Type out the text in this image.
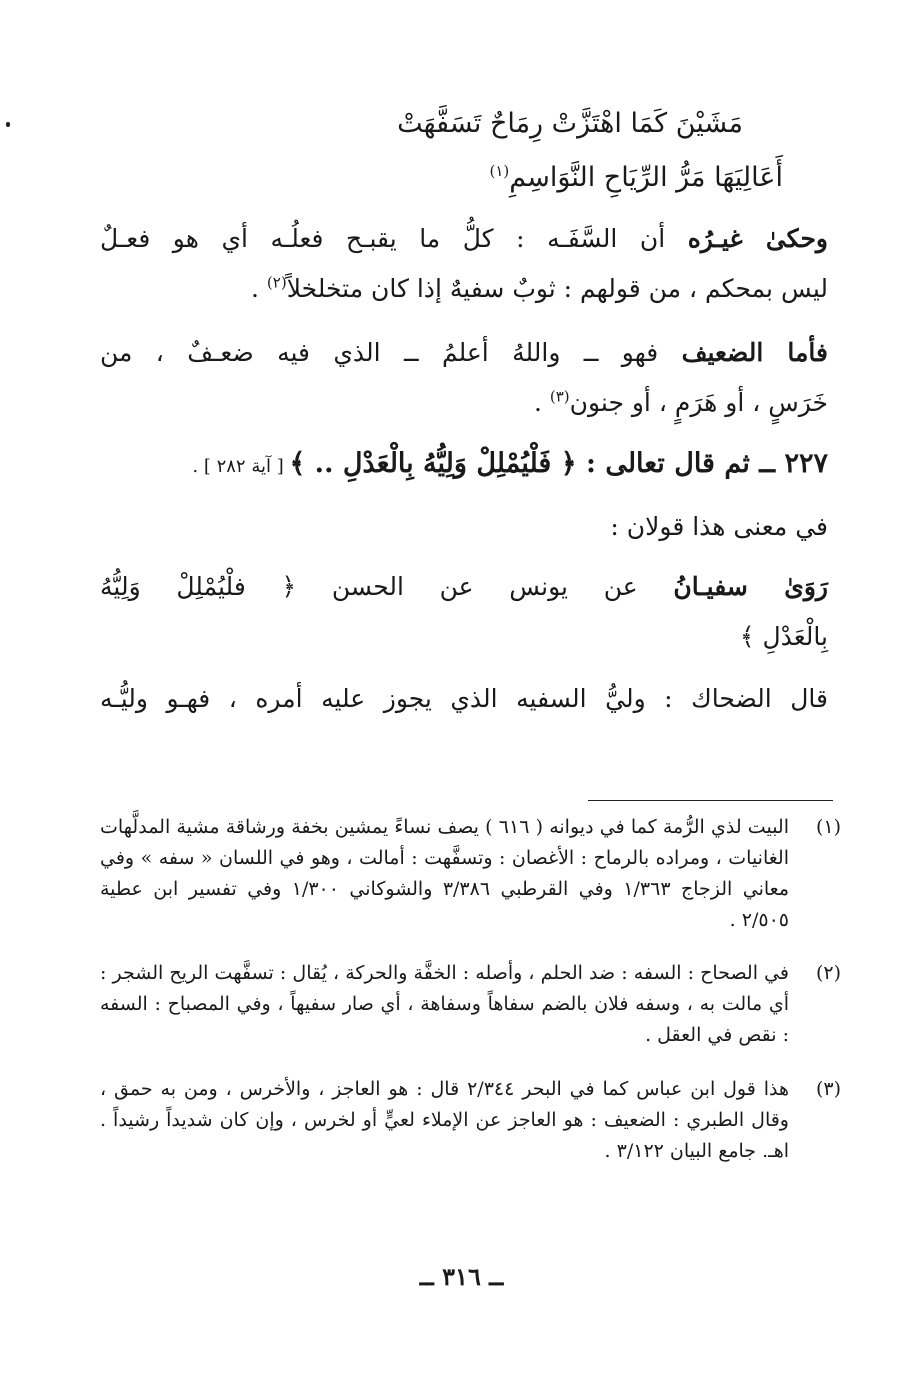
مَشَيْنَ كَمَا اهْتَزَّتْ رِمَاحٌ تَسَفَّهَتْ
أَعَالِيَهَا مَرُّ الرِّيَاحِ النَّوَاسِمِ$^{(١)}$
وحكىٰ غيـرُه أن السَّفَـه : كلُّ ما يقبـح فعلُـه أي هو فعـلٌ
ليس بمحكم ، من قولهم : ثوبٌ سفيهٌ إذا كان متخلخلاً$^{(٢)}$ .
فأما الضعيف فهو ــ واللهُ أعلمُ ــ الذي فيه ضعـفٌ ، من
خَرَسٍ ، أو هَرَمٍ ، أو جنون$^{(٣)}$ .
٢٢٧ ــ ثم قال تعالى : ﴿ فَلْيُمْلِلْ وَلِيُّهُ بِالْعَدْلِ .. ﴾ [ آية ٢٨٢ ] .
في معنى هذا قولان :
رَوَىٰ سفيـانُ عن يونس عن الحسن ﴿ فلْيُمْلِلْ وَلِيُّهُ
بِالْعَدْلِ ﴾
قال الضحاك : وليُّ السفيه الذي يجوز عليه أمره ، فهـو وليُّـه
(١)
البيت لذي الرُّمة كما في ديوانه ( ٦١٦ ) يصف نساءً يمشين بخفة ورشاقة مشية المدلَّهات الغانيات ، ومراده بالرماح : الأغصان : وتسفَّهت : أمالت ، وهو في اللسان « سفه » وفي معاني الزجاج ١/٣٦٣ وفي القرطبي ٣/٣٨٦ والشوكاني ١/٣٠٠ وفي تفسير ابن عطية ٢/٥٠٥ .
(٢)
في الصحاح : السفه : ضد الحلم ، وأصله : الخفَّة والحركة ، يُقال : تسفَّهت الريح الشجر : أي مالت به ، وسفه فلان بالضم سفاهاً وسفاهة ، أي صار سفيهاً ، وفي المصباح : السفه : نقص في العقل .
(٣)
هذا قول ابن عباس كما في البحر ٢/٣٤٤ قال : هو العاجز ، والأخرس ، ومن به حمق ، وقال الطبري : الضعيف : هو العاجز عن الإملاء لعيٍّ أو لخرس ، وإن كان شديداً رشيداً . اهـ. جامع البيان ٣/١٢٢ .
ــ ٣١٦ ــ
